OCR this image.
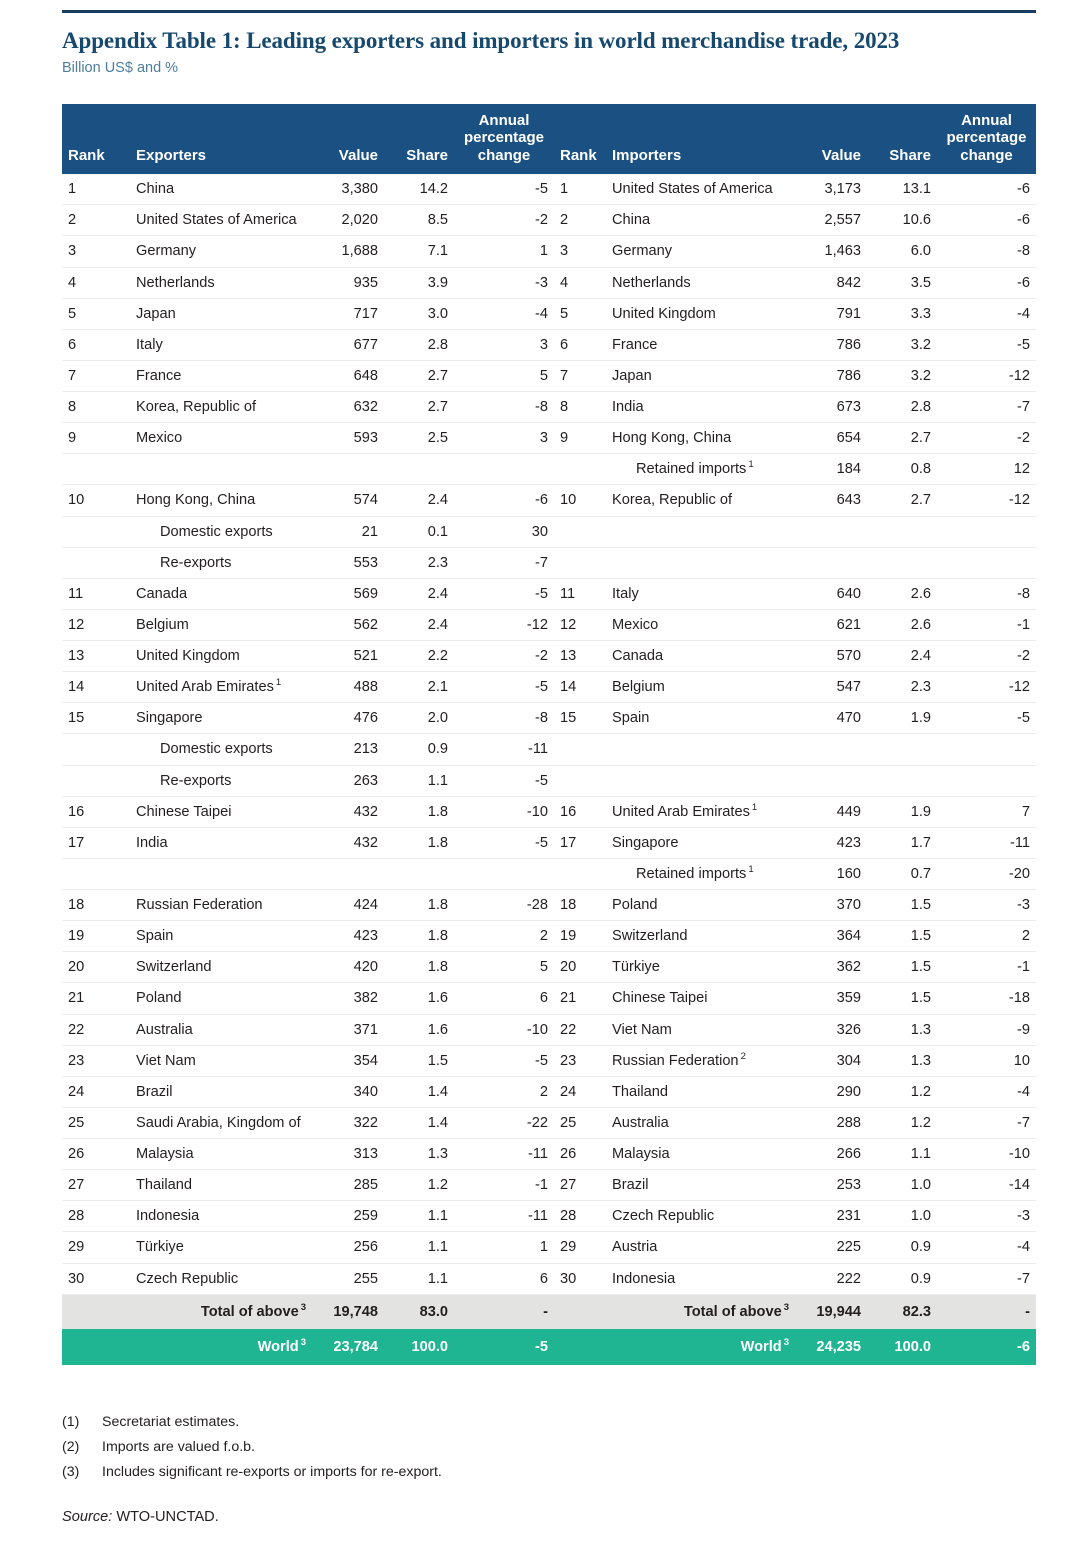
Appendix Table 1: Leading exporters and importers in world merchandise trade, 2023
Billion US$ and %
Rank	Exporters	Value	Share	Annual percentage change	Rank	Importers	Value	Share	Annual percentage change
1	China	3,380	14.2	-5	1	United States of America	3,173	13.1	-6
2	United States of America	2,020	8.5	-2	2	China	2,557	10.6	-6
3	Germany	1,688	7.1	1	3	Germany	1,463	6.0	-8
4	Netherlands	935	3.9	-3	4	Netherlands	842	3.5	-6
5	Japan	717	3.0	-4	5	United Kingdom	791	3.3	-4
6	Italy	677	2.8	3	6	France	786	3.2	-5
7	France	648	2.7	5	7	Japan	786	3.2	-12
8	Korea, Republic of	632	2.7	-8	8	India	673	2.8	-7
9	Mexico	593	2.5	3	9	Hong Kong, China	654	2.7	-2
						Retained imports $^1$	184	0.8	12
10	Hong Kong, China	574	2.4	-6	10	Korea, Republic of	643	2.7	-12
	Domestic exports	21	0.1	30					
	Re-exports	553	2.3	-7					
11	Canada	569	2.4	-5	11	Italy	640	2.6	-8
12	Belgium	562	2.4	-12	12	Mexico	621	2.6	-1
13	United Kingdom	521	2.2	-2	13	Canada	570	2.4	-2
14	United Arab Emirates $^1$	488	2.1	-5	14	Belgium	547	2.3	-12
15	Singapore	476	2.0	-8	15	Spain	470	1.9	-5
	Domestic exports	213	0.9	-11					
	Re-exports	263	1.1	-5					
16	Chinese Taipei	432	1.8	-10	16	United Arab Emirates $^1$	449	1.9	7
17	India	432	1.8	-5	17	Singapore	423	1.7	-11
						Retained imports $^1$	160	0.7	-20
18	Russian Federation	424	1.8	-28	18	Poland	370	1.5	-3
19	Spain	423	1.8	2	19	Switzerland	364	1.5	2
20	Switzerland	420	1.8	5	20	Türkiye	362	1.5	-1
21	Poland	382	1.6	6	21	Chinese Taipei	359	1.5	-18
22	Australia	371	1.6	-10	22	Viet Nam	326	1.3	-9
23	Viet Nam	354	1.5	-5	23	Russian Federation $^2$	304	1.3	10
24	Brazil	340	1.4	2	24	Thailand	290	1.2	-4
25	Saudi Arabia, Kingdom of	322	1.4	-22	25	Australia	288	1.2	-7
26	Malaysia	313	1.3	-11	26	Malaysia	266	1.1	-10
27	Thailand	285	1.2	-1	27	Brazil	253	1.0	-14
28	Indonesia	259	1.1	-11	28	Czech Republic	231	1.0	-3
29	Türkiye	256	1.1	1	29	Austria	225	0.9	-4
30	Czech Republic	255	1.1	6	30	Indonesia	222	0.9	-7
	Total of above $^3$	19,748	83.0	-		Total of above $^3$	19,944	82.3	-
	World $^3$	23,784	100.0	-5		World $^3$	24,235	100.0	-6
(1)	Secretariat estimates.
(2)	Imports are valued f.o.b.
(3)	Includes significant re-exports or imports for re-export.
Source: WTO-UNCTAD.
